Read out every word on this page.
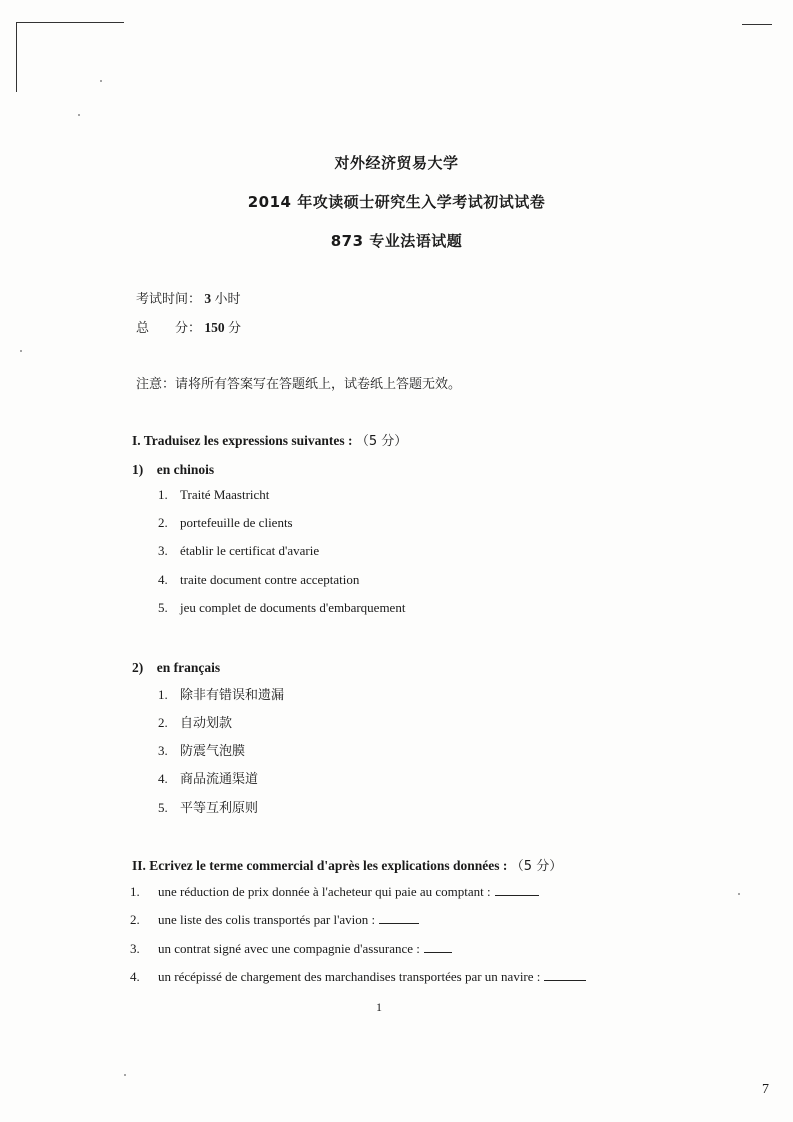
对外经济贸易大学
2014 年攻读硕士研究生入学考试初试试卷
873 专业法语试题
考试时间： 3 小时
总　　分： 150 分
注意：请将所有答案写在答题纸上，试卷纸上答题无效。
I. Traduisez les expressions suivantes : （5 分）
1)　en chinois
1. Traité Maastricht
2. portefeuille de clients
3. établir le certificat d'avarie
4. traite document contre acceptation
5. jeu complet de documents d'embarquement
2)　en français
1. 除非有错误和遗漏
2. 自动划款
3. 防震气泡膜
4. 商品流通渠道
5. 平等互利原则
II. Ecrivez le terme commercial d'après les explications données : （5 分）
1. une réduction de prix donnée à l'acheteur qui paie au comptant :
2. une liste des colis transportés par l'avion :
3. un contrat signé avec une compagnie d'assurance :
4. un récépissé de chargement des marchandises transportées par un navire :
1
7
